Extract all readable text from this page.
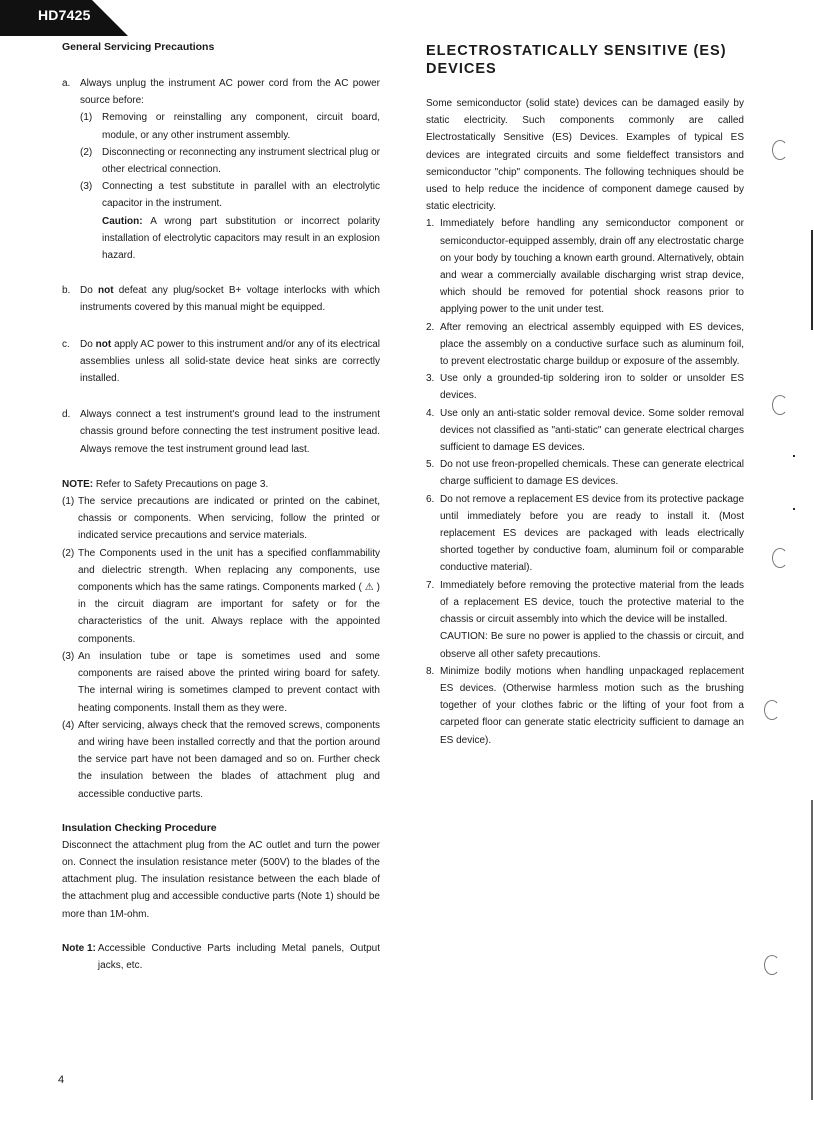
HD7425
General Servicing Precautions
a. Always unplug the instrument AC power cord from the AC power source before:
(1) Removing or reinstalling any component, circuit board, module, or any other instrument assembly.
(2) Disconnecting or reconnecting any instrument slectrical plug or other electrical connection.
(3) Connecting a test substitute in parallel with an electrolytic capacitor in the instrument.
Caution: A wrong part substitution or incorrect polarity installation of electrolytic capacitors may result in an explosion hazard.
b. Do not defeat any plug/socket B+ voltage interlocks with which instruments covered by this manual might be equipped.
c.	Do not apply AC power to this instrument and/or any of its electrical assemblies unless all solid-state device heat sinks are correctly installed.
d. Always connect a test instrument's ground lead to the instrument chassis ground before connecting the test instrument positive lead. Always remove the test instrument ground lead last.
NOTE: Refer to Safety Precautions on page 3.
(1) The service precautions are indicated or printed on the cabinet, chassis or components. When servicing, follow the printed or indicated service precautions and service materials.
(2) The Components used in the unit has a specified conflammability and dielectric strength. When replacing any components, use components which has the same ratings. Components marked ( ⚠ ) in the circuit diagram are important for safety or for the characteristics of the unit. Always replace with the appointed components.
(3) An insulation tube or tape is sometimes used and some components are raised above the printed wiring board for safety. The internal wiring is sometimes clamped to prevent contact with heating components. Install them as they were.
(4) After servicing, always check that the removed screws, components and wiring have been installed correctly and that the portion around the service part have not been damaged and so on. Further check the insulation between the blades of attachment plug and accessible conductive parts.
Insulation Checking Procedure
Disconnect the attachment plug from the AC outlet and turn the power on. Connect the insulation resistance meter (500V) to the blades of the attachment plug. The insulation resistance between the each blade of the attachment plug and accessible conductive parts (Note 1) should be more than 1M-ohm.
Note 1: Accessible Conductive Parts including Metal panels, Output jacks, etc.
ELECTROSTATICALLY SENSITIVE (ES) DEVICES
Some semiconductor (solid state) devices can be damaged easily by static electricity. Such components commonly are called Electrostatically Sensitive (ES) Devices. Examples of typical ES devices are integrated circuits and some fieldeffect transistors and semiconductor "chip" components. The following techniques should be used to help reduce the incidence of component damege caused by static electricity.
1. Immediately before handling any semiconductor component or semiconductor-equipped assembly, drain off any electrostatic charge on your body by touching a known earth ground. Alternatively, obtain and wear a commercially available discharging wrist strap device, which should be removed for potential shock reasons prior to applying power to the unit under test.
2. After removing an electrical assembly equipped with ES devices, place the assembly on a conductive surface such as aluminum foil, to prevent electrostatic charge buildup or exposure of the assembly.
3. Use only a grounded-tip soldering iron to solder or unsolder ES devices.
4. Use only an anti-static solder removal device. Some solder removal devices not classified as "anti-static" can generate electrical charges sufficient to damage ES devices.
5. Do not use freon-propelled chemicals. These can generate electrical charge sufficient to damage ES devices.
6. Do not remove a replacement ES device from its protective package until immediately before you are ready to install it. (Most replacement ES devices are packaged with leads electrically shorted together by conductive foam, aluminum foil or comparable conductive material).
7. Immediately before removing the protective material from the leads of a replacement ES device, touch the protective material to the chassis or circuit assembly into which the device will be installed.
CAUTION: Be sure no power is applied to the chassis or circuit, and observe all other safety precautions.
8. Minimize bodily motions when handling unpackaged replacement ES devices. (Otherwise harmless motion such as the brushing together of your clothes fabric or the lifting of your foot from a carpeted floor can generate static electricity sufficient to damage an ES device).
4
